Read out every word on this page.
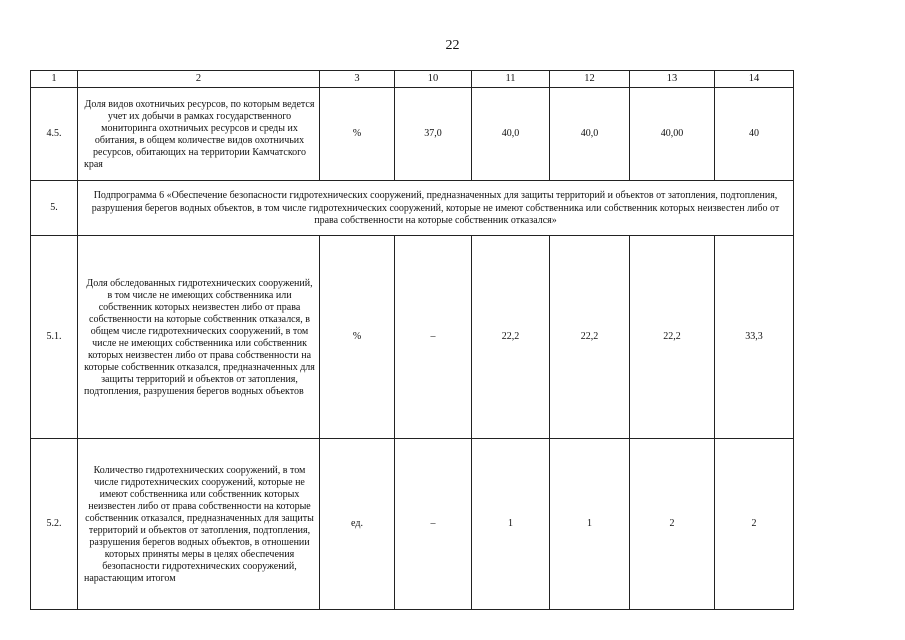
22
1	2	3	10	11	12	13	14
4.5.	Доля видов охотничьих ресурсов, по которым ведется учет их добычи в рамках государственного мониторинга охотничьих ресурсов и среды их обитания, в общем количестве видов охотничьих ресурсов, обитающих на территории Камчатского края	%	37,0	40,0	40,0	40,00	40
5.	Подпрограмма 6 «Обеспечение безопасности гидротехнических сооружений, предназначенных для защиты территорий и объектов от затопления, подтопления, разрушения берегов водных объектов, в том числе гидротехнических сооружений, которые не имеют собственника или собственник которых неизвестен либо от права собственности на которые собственник отказался»						
5.1.	Доля обследованных гидротехнических сооружений, в том числе не имеющих собственника или собственник которых неизвестен либо от права собственности на которые собственник отказался, в общем числе гидротехнических сооружений, в том числе не имеющих собственника или собственник которых неизвестен либо от права собственности на которые собственник отказался, предназначенных для защиты территорий и объектов от затопления, подтопления, разрушения берегов водных объектов	%	–	22,2	22,2	22,2	33,3
5.2.	Количество гидротехнических сооружений, в том числе гидротехнических сооружений, которые не имеют собственника или собственник которых неизвестен либо от права собственности на которые собственник отказался, предназначенных для защиты территорий и объектов от затопления, подтопления, разрушения берегов водных объектов, в отношении которых приняты меры в целях обеспечения безопасности гидротехнических сооружений, нарастающим итогом	ед.	–	1	1	2	2
